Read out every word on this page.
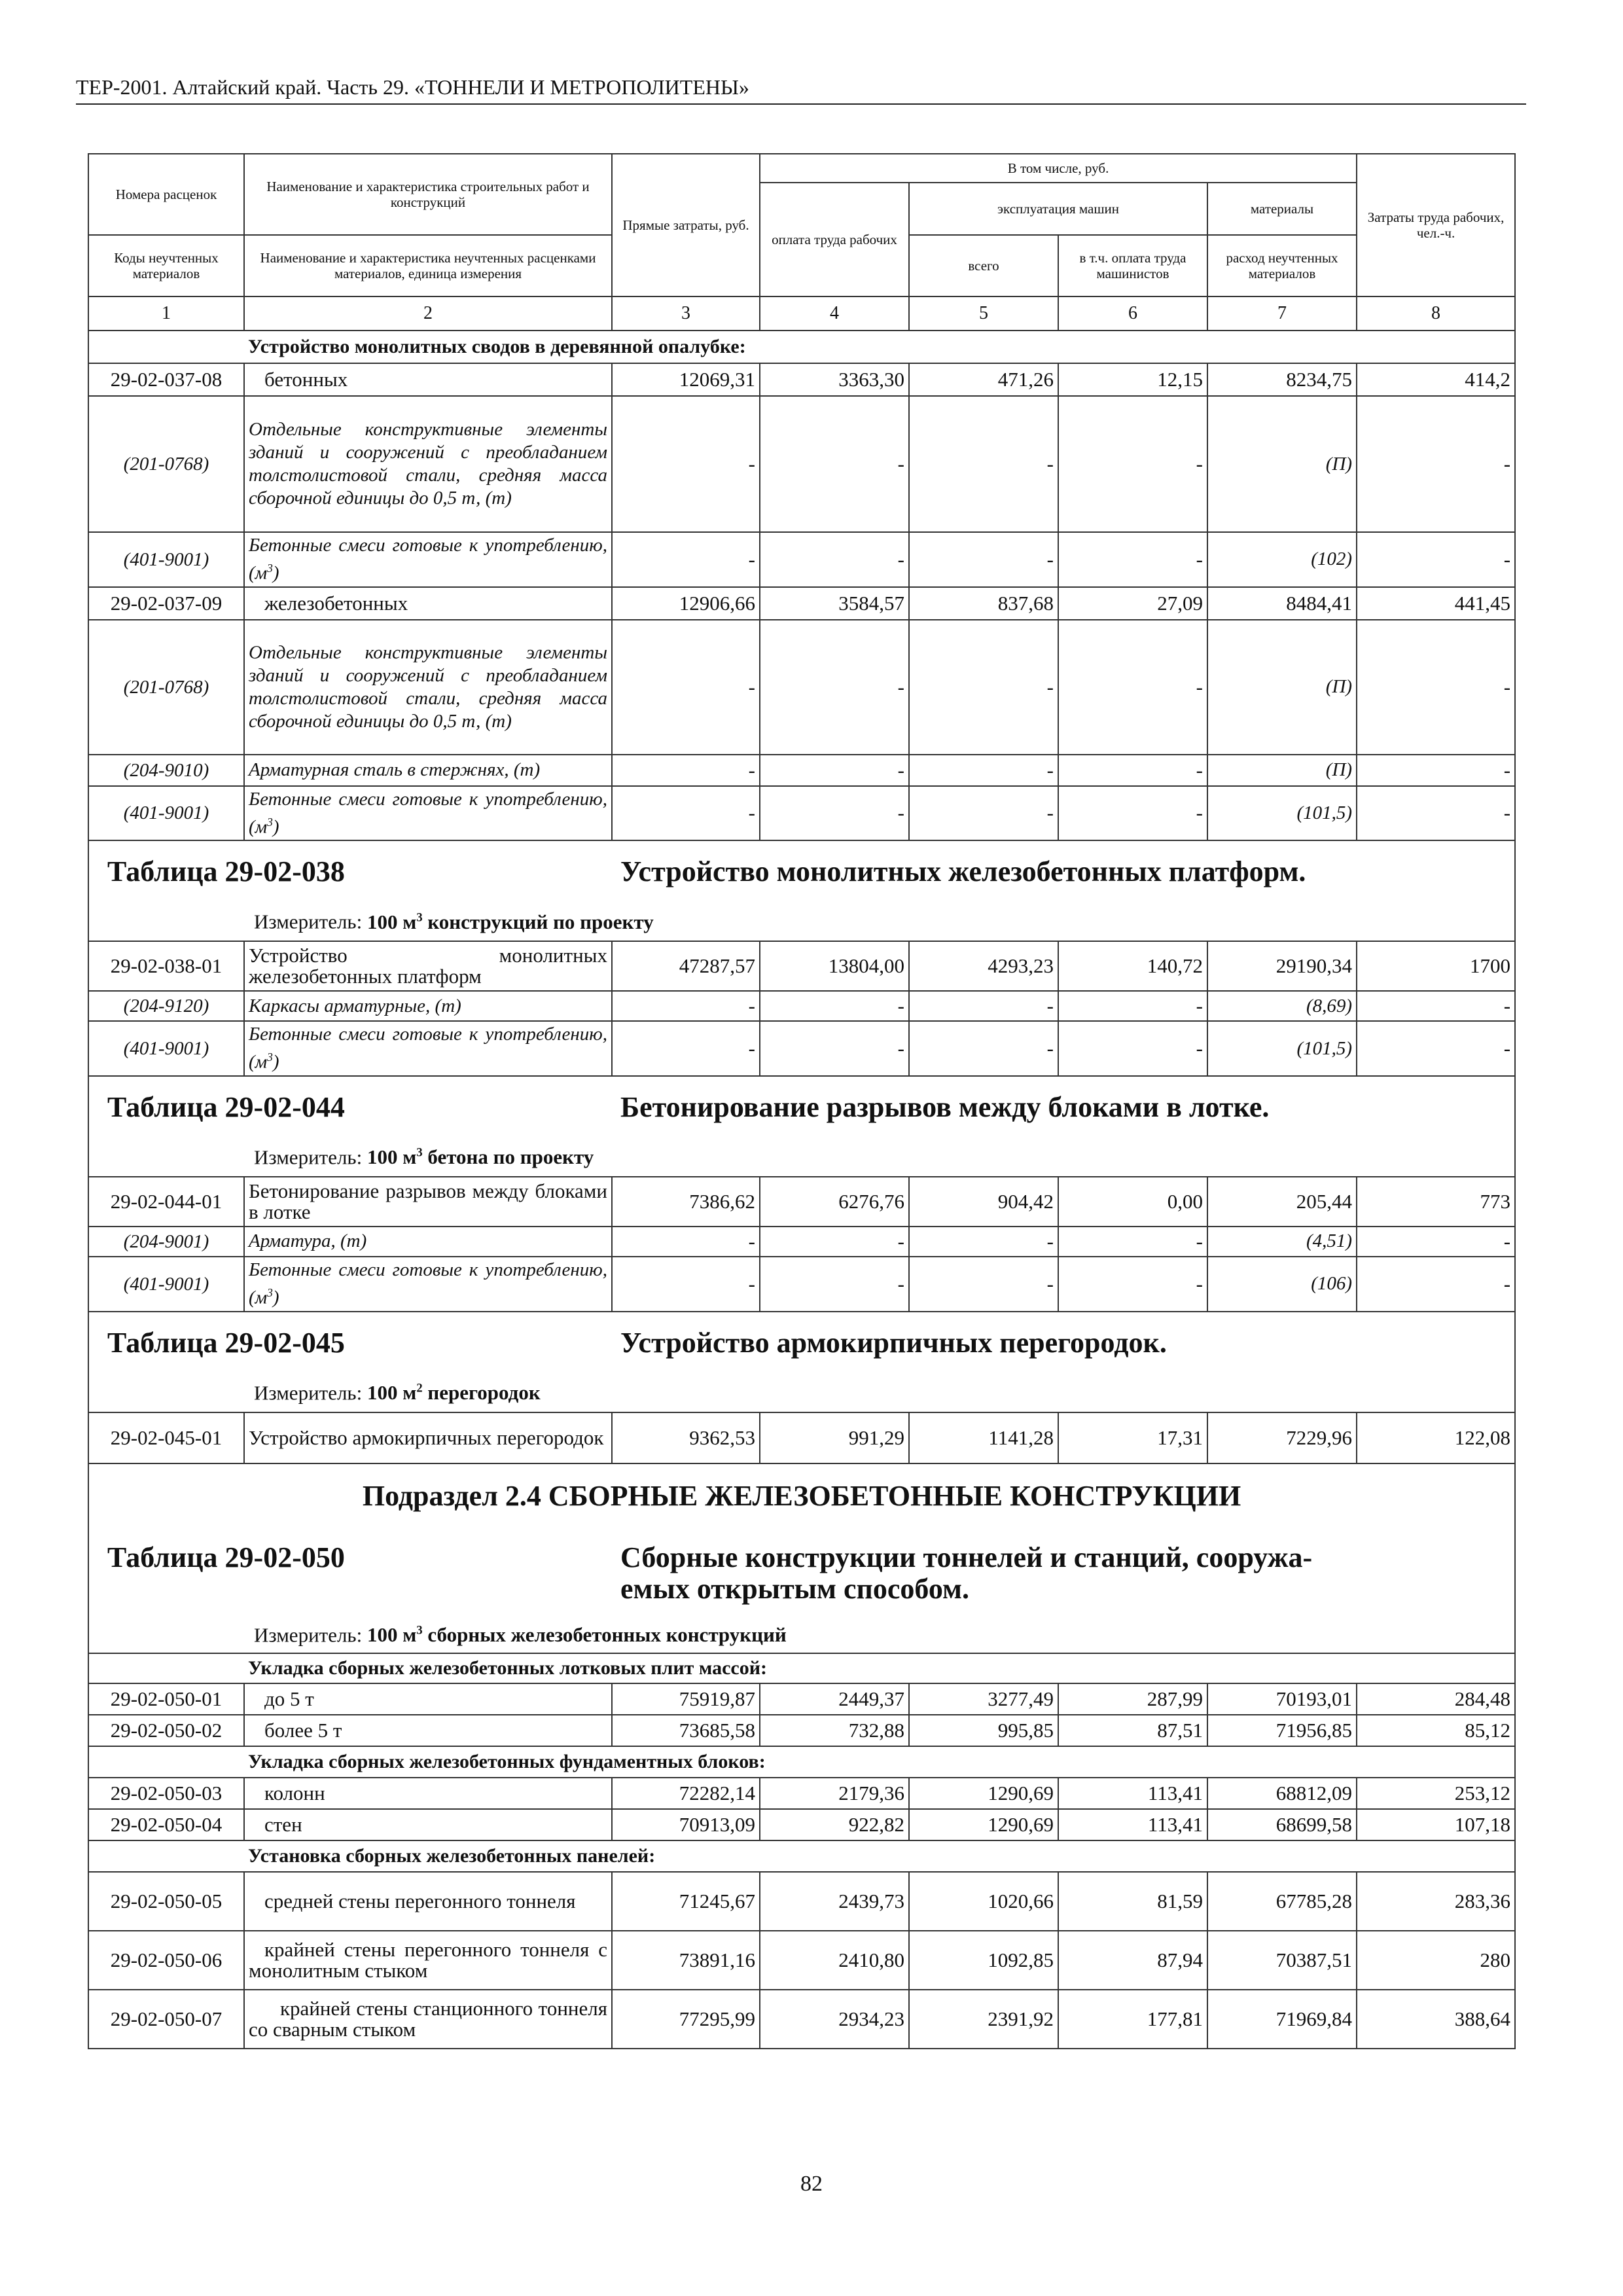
ТЕР-2001. Алтайский край. Часть 29. «ТОННЕЛИ И МЕТРОПОЛИТЕНЫ»
Номера расценок	Наименование и характеристика строительных работ и конструкций	Прямые затраты, руб.	В том числе, руб.				Затраты труда рабочих, чел.-ч.
			оплата труда рабочих	эксплуатация машин		материалы	
Коды неучтенных материалов	Наименование и характеристика неучтенных расценками материалов, единица измерения			всего	в т.ч. оплата труда машинистов	расход неучтенных материалов	
1	2	3	4	5	6	7	8
	Устройство монолитных сводов в деревянной опалубке:						
29-02-037-08	бетонных	12069,31	3363,30	471,26	12,15	8234,75	414,2
(201-0768)	Отдельные конструктивные элементы зданий и сооружений с преобладанием толстолистовой стали, средняя масса сборочной единицы до 0,5 т, (т)	-	-	-	-	(П)	-
(401-9001)	Бетонные смеси готовые к употреблению, $(м^3)$	-	-	-	-	(102)	-
29-02-037-09	железобетонных	12906,66	3584,57	837,68	27,09	8484,41	441,45
(201-0768)	Отдельные конструктивные элементы зданий и сооружений с преобладанием толстолистовой стали, средняя масса сборочной единицы до 0,5 т, (т)	-	-	-	-	(П)	-
(204-9010)	Арматурная сталь в стержнях, (т)	-	-	-	-	(П)	-
(401-9001)	Бетонные смеси готовые к употреблению, $(м^3)$	-	-	-	-	(101,5)	-

Таблица 29-02-038 Устройство монолитных железобетонных платформ.
Измеритель: 100 $м^3$ конструкций по проекту							

29-02-038-01	Устройство монолитных железобетонных платформ	47287,57	13804,00	4293,23	140,72	29190,34	1700
(204-9120)	Каркасы арматурные, (т)	-	-	-	-	(8,69)	-
(401-9001)	Бетонные смеси готовые к употреблению, $(м^3)$	-	-	-	-	(101,5)	-

Таблица 29-02-044 Бетонирование разрывов между блоками в лотке.
Измеритель: 100 $м^3$ бетона по проекту							

29-02-044-01	Бетонирование разрывов между блоками в лотке	7386,62	6276,76	904,42	0,00	205,44	773
(204-9001)	Арматура, (т)	-	-	-	-	(4,51)	-
(401-9001)	Бетонные смеси готовые к употреблению, $(м^3)$	-	-	-	-	(106)	-

Таблица 29-02-045 Устройство армокирпичных перегородок.
Измеритель: 100 $м^2$ перегородок							

29-02-045-01	Устройство армокирпичных перегородок	9362,53	991,29	1141,28	17,31	7229,96	122,08

Подраздел 2.4 СБОРНЫЕ ЖЕЛЕЗОБЕТОННЫЕ КОНСТРУКЦИИ
Таблица 29-02-050 Сборные конструкции тоннелей и станций, сооружа-
емых открытым способом.
Измеритель: 100 $м^3$ сборных железобетонных конструкций							

	Укладка сборных железобетонных лотковых плит массой:						
29-02-050-01	до 5 т	75919,87	2449,37	3277,49	287,99	70193,01	284,48
29-02-050-02	более 5 т	73685,58	732,88	995,85	87,51	71956,85	85,12
	Укладка сборных железобетонных фундаментных блоков:						
29-02-050-03	колонн	72282,14	2179,36	1290,69	113,41	68812,09	253,12
29-02-050-04	стен	70913,09	922,82	1290,69	113,41	68699,58	107,18
	Установка сборных железобетонных панелей:						
29-02-050-05	средней стены перегонного тоннеля	71245,67	2439,73	1020,66	81,59	67785,28	283,36
29-02-050-06	крайней стены перегонного тоннеля с монолитным стыком	73891,16	2410,80	1092,85	87,94	70387,51	280
29-02-050-07	крайней стены станционного тоннеля со сварным стыком	77295,99	2934,23	2391,92	177,81	71969,84	388,64
82
